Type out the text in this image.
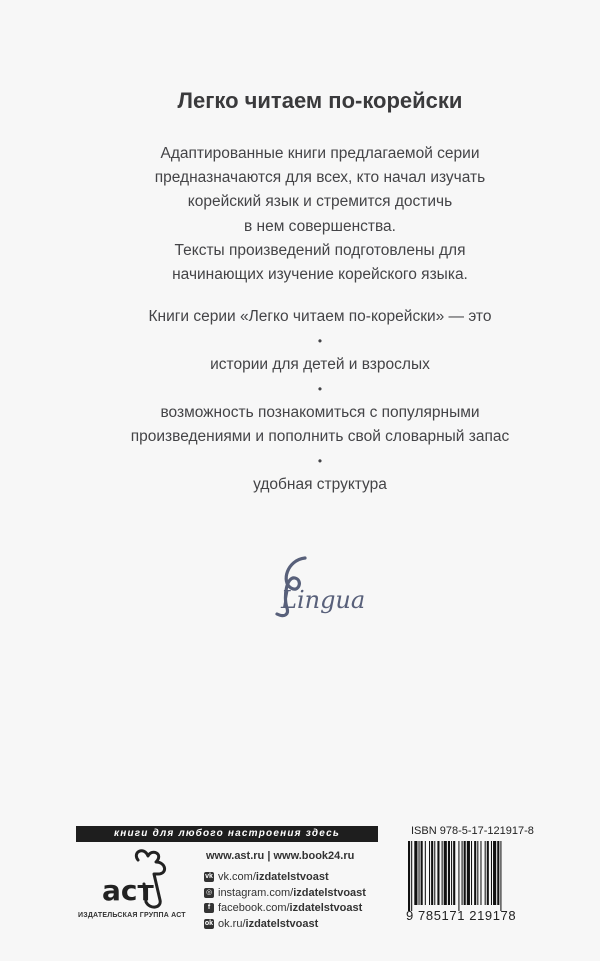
Легко читаем по-корейски

Адаптированные книги предлагаемой серии

предназначаются для всех, кто начал изучать

корейский язык и стремится достичь

в нем совершенства.

Тексты произведений подготовлены для

начинающих изучение корейского языка.

Книги серии «Легко читаем по-корейски» — это
•
истории для детей и взрослых
•
возможность познакомиться с популярными
произведениями и пополнить свой словарный запас
•
удобная структура
Lingua
книги для любого настроения здесь
аст
ИЗДАТЕЛЬСКАЯ ГРУППА АСТ
www.ast.ru | www.book24.ru
vk vk.com/ izdatelstvoast
◎ instagram.com/ izdatelstvoast
f facebook.com/ izdatelstvoast
ok ok.ru/ izdatelstvoast
ISBN 978-5-17-121917-8
9 785171 219178
